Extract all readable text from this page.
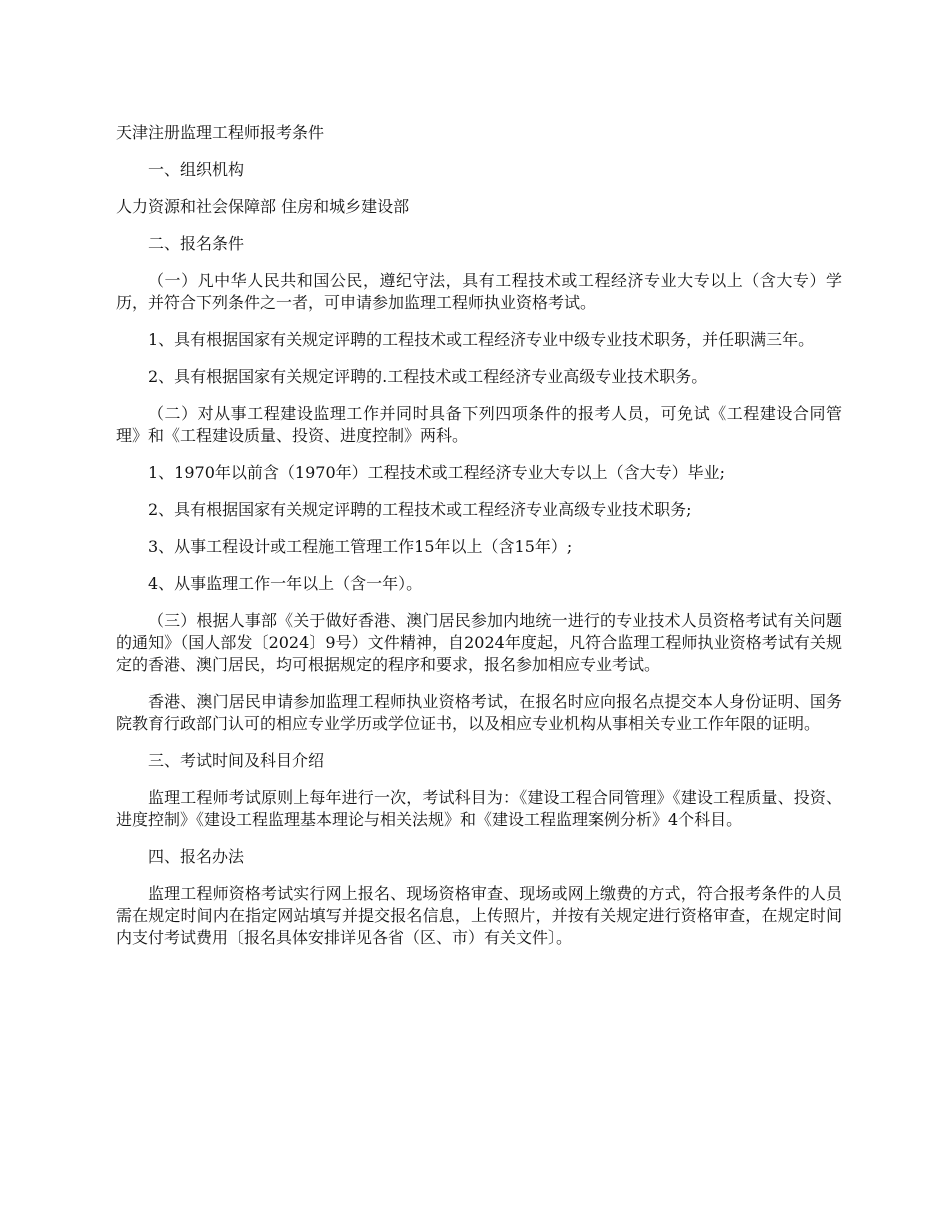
天津注册监理工程师报考条件

一、组织机构

人力资源和社会保障部 住房和城乡建设部

二、报名条件

（一）凡中华人民共和国公民，遵纪守法，具有工程技术或工程经济专业大专以上（含大专）学历，并符合下列条件之一者，可申请参加监理工程师执业资格考试。

1、具有根据国家有关规定评聘的工程技术或工程经济专业中级专业技术职务，并任职满三年。

2、具有根据国家有关规定评聘的.工程技术或工程经济专业高级专业技术职务。

（二）对从事工程建设监理工作并同时具备下列四项条件的报考人员，可免试《工程建设合同管理》和《工程建设质量、投资、进度控制》两科。

1、1970年以前含（1970年）工程技术或工程经济专业大专以上（含大专）毕业;

2、具有根据国家有关规定评聘的工程技术或工程经济专业高级专业技术职务;

3、从事工程设计或工程施工管理工作15年以上（含15年）;

4、从事监理工作一年以上（含一年）。

（三）根据人事部《关于做好香港、澳门居民参加内地统一进行的专业技术人员资格考试有关问题的通知》（国人部发〔2024〕9号）文件精神，自2024年度起，凡符合监理工程师执业资格考试有关规定的香港、澳门居民，均可根据规定的程序和要求，报名参加相应专业考试。

香港、澳门居民申请参加监理工程师执业资格考试，在报名时应向报名点提交本人身份证明、国务院教育行政部门认可的相应专业学历或学位证书，以及相应专业机构从事相关专业工作年限的证明。

三、考试时间及科目介绍

监理工程师考试原则上每年进行一次，考试科目为：《建设工程合同管理》《建设工程质量、投资、进度控制》《建设工程监理基本理论与相关法规》和《建设工程监理案例分析》4个科目。

四、报名办法

监理工程师资格考试实行网上报名、现场资格审查、现场或网上缴费的方式，符合报考条件的人员需在规定时间内在指定网站填写并提交报名信息，上传照片，并按有关规定进行资格审查，在规定时间内支付考试费用〔报名具体安排详见各省（区、市）有关文件〕。
